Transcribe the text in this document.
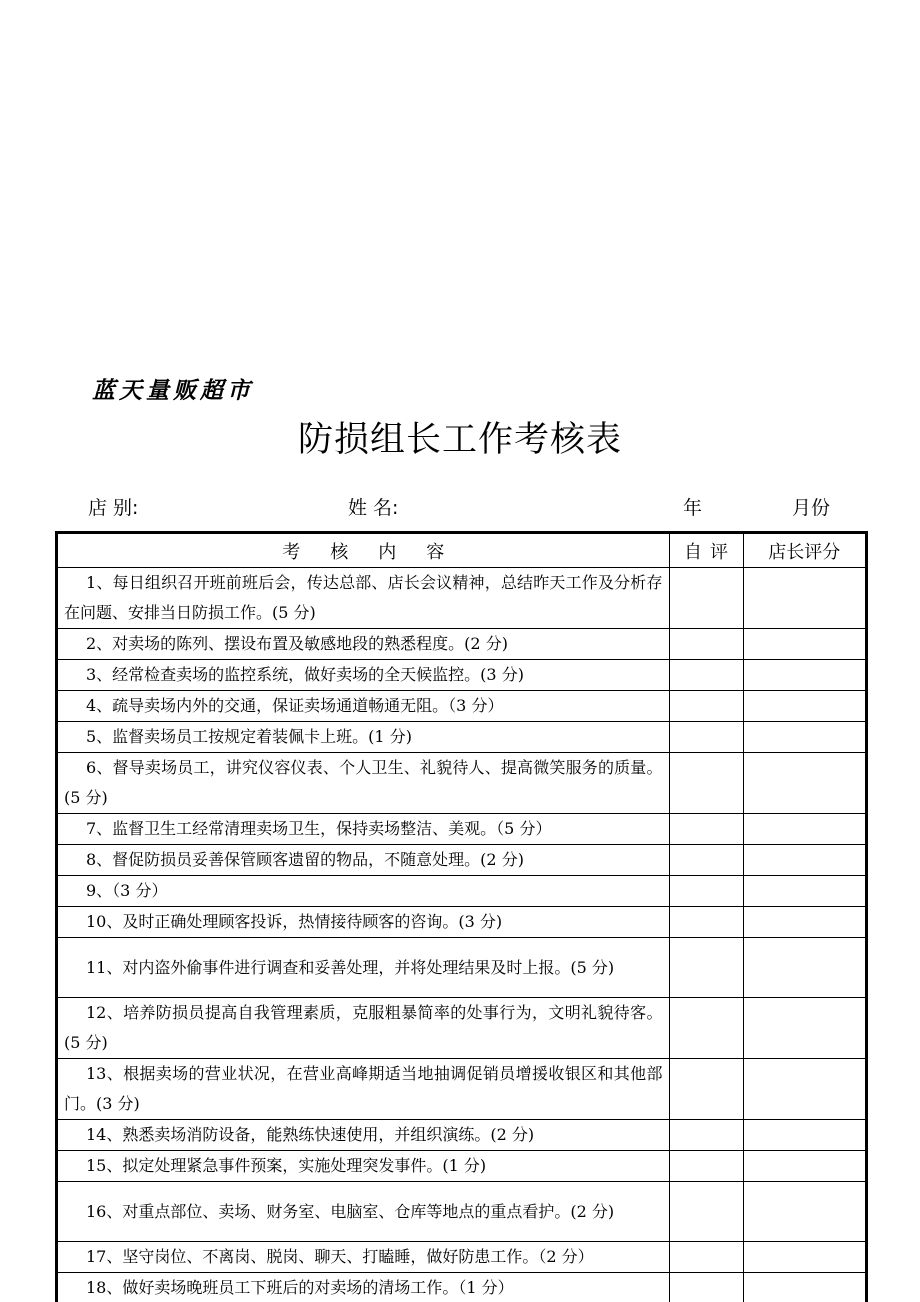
蓝天量贩超市
防损组长工作考核表
店 别:	姓 名:	年	月份
考核内容	自评	店长评分
1、每日组织召开班前班后会，传达总部、店长会议精神，总结昨天工作及分析存在问题、安排当日防损工作。(5 分)		
2、对卖场的陈列、摆设布置及敏感地段的熟悉程度。(2 分)		
3、经常检查卖场的监控系统，做好卖场的全天候监控。(3 分)		
4、疏导卖场内外的交通，保证卖场通道畅通无阻。（3 分）		
5、监督卖场员工按规定着装佩卡上班。(1 分)		
6、督导卖场员工，讲究仪容仪表、个人卫生、礼貌待人、提高微笑服务的质量。(5 分)		
7、监督卫生工经常清理卖场卫生，保持卖场整洁、美观。（5 分）		
8、督促防损员妥善保管顾客遗留的物品，不随意处理。(2 分)		
9、（3 分）		
10、及时正确处理顾客投诉，热情接待顾客的咨询。(3 分)		
11、对内盗外偷事件进行调查和妥善处理，并将处理结果及时上报。(5 分)		
12、培养防损员提高自我管理素质，克服粗暴简率的处事行为，文明礼貌待客。(5 分)		
13、根据卖场的营业状况，在营业高峰期适当地抽调促销员增援收银区和其他部门。(3 分)		
14、熟悉卖场消防设备，能熟练快速使用，并组织演练。(2 分)		
15、拟定处理紧急事件预案，实施处理突发事件。(1 分)		
16、对重点部位、卖场、财务室、电脑室、仓库等地点的重点看护。(2 分)		
17、坚守岗位、不离岗、脱岗、聊天、打瞌睡，做好防患工作。（2 分）		
18、做好卖场晚班员工下班后的对卖场的清场工作。（1 分）		
